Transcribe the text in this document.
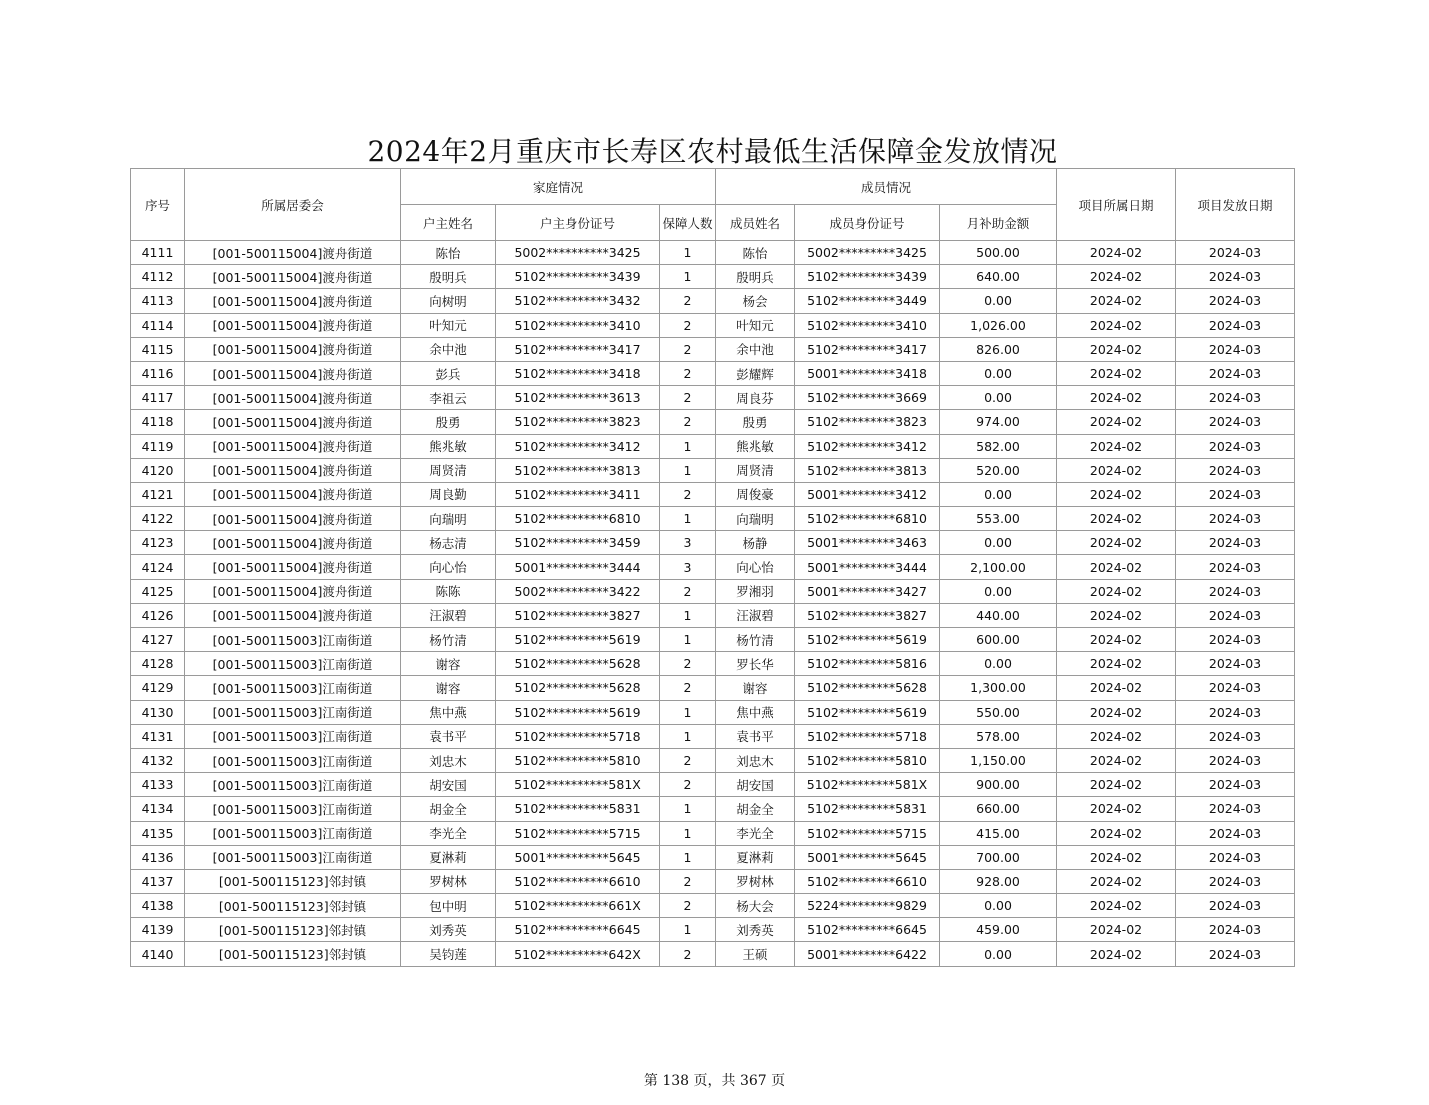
2024年2月重庆市长寿区农村最低生活保障金发放情况
序号	所属居委会	家庭情况			成员情况			项目所属日期	项目发放日期
		户主姓名	户主身份证号	保障人数	成员姓名	成员身份证号	月补助金额		
4111	[001-500115004]渡舟街道	陈怡	5002**********3425	1	陈怡	5002*********3425	500.00	2024-02	2024-03
4112	[001-500115004]渡舟街道	殷明兵	5102**********3439	1	殷明兵	5102*********3439	640.00	2024-02	2024-03
4113	[001-500115004]渡舟街道	向树明	5102**********3432	2	杨会	5102*********3449	0.00	2024-02	2024-03
4114	[001-500115004]渡舟街道	叶知元	5102**********3410	2	叶知元	5102*********3410	1,026.00	2024-02	2024-03
4115	[001-500115004]渡舟街道	余中池	5102**********3417	2	余中池	5102*********3417	826.00	2024-02	2024-03
4116	[001-500115004]渡舟街道	彭兵	5102**********3418	2	彭耀辉	5001*********3418	0.00	2024-02	2024-03
4117	[001-500115004]渡舟街道	李祖云	5102**********3613	2	周良芬	5102*********3669	0.00	2024-02	2024-03
4118	[001-500115004]渡舟街道	殷勇	5102**********3823	2	殷勇	5102*********3823	974.00	2024-02	2024-03
4119	[001-500115004]渡舟街道	熊兆敏	5102**********3412	1	熊兆敏	5102*********3412	582.00	2024-02	2024-03
4120	[001-500115004]渡舟街道	周贤清	5102**********3813	1	周贤清	5102*********3813	520.00	2024-02	2024-03
4121	[001-500115004]渡舟街道	周良勤	5102**********3411	2	周俊豪	5001*********3412	0.00	2024-02	2024-03
4122	[001-500115004]渡舟街道	向瑞明	5102**********6810	1	向瑞明	5102*********6810	553.00	2024-02	2024-03
4123	[001-500115004]渡舟街道	杨志清	5102**********3459	3	杨静	5001*********3463	0.00	2024-02	2024-03
4124	[001-500115004]渡舟街道	向心怡	5001**********3444	3	向心怡	5001*********3444	2,100.00	2024-02	2024-03
4125	[001-500115004]渡舟街道	陈陈	5002**********3422	2	罗湘羽	5001*********3427	0.00	2024-02	2024-03
4126	[001-500115004]渡舟街道	汪淑碧	5102**********3827	1	汪淑碧	5102*********3827	440.00	2024-02	2024-03
4127	[001-500115003]江南街道	杨竹清	5102**********5619	1	杨竹清	5102*********5619	600.00	2024-02	2024-03
4128	[001-500115003]江南街道	谢容	5102**********5628	2	罗长华	5102*********5816	0.00	2024-02	2024-03
4129	[001-500115003]江南街道	谢容	5102**********5628	2	谢容	5102*********5628	1,300.00	2024-02	2024-03
4130	[001-500115003]江南街道	焦中燕	5102**********5619	1	焦中燕	5102*********5619	550.00	2024-02	2024-03
4131	[001-500115003]江南街道	袁书平	5102**********5718	1	袁书平	5102*********5718	578.00	2024-02	2024-03
4132	[001-500115003]江南街道	刘忠木	5102**********5810	2	刘忠木	5102*********5810	1,150.00	2024-02	2024-03
4133	[001-500115003]江南街道	胡安国	5102**********581X	2	胡安国	5102*********581X	900.00	2024-02	2024-03
4134	[001-500115003]江南街道	胡金全	5102**********5831	1	胡金全	5102*********5831	660.00	2024-02	2024-03
4135	[001-500115003]江南街道	李光全	5102**********5715	1	李光全	5102*********5715	415.00	2024-02	2024-03
4136	[001-500115003]江南街道	夏淋莉	5001**********5645	1	夏淋莉	5001*********5645	700.00	2024-02	2024-03
4137	[001-500115123]邻封镇	罗树林	5102**********6610	2	罗树林	5102*********6610	928.00	2024-02	2024-03
4138	[001-500115123]邻封镇	包中明	5102**********661X	2	杨大会	5224*********9829	0.00	2024-02	2024-03
4139	[001-500115123]邻封镇	刘秀英	5102**********6645	1	刘秀英	5102*********6645	459.00	2024-02	2024-03
4140	[001-500115123]邻封镇	吴钧莲	5102**********642X	2	王硕	5001*********6422	0.00	2024-02	2024-03
第 138 页，共 367 页
